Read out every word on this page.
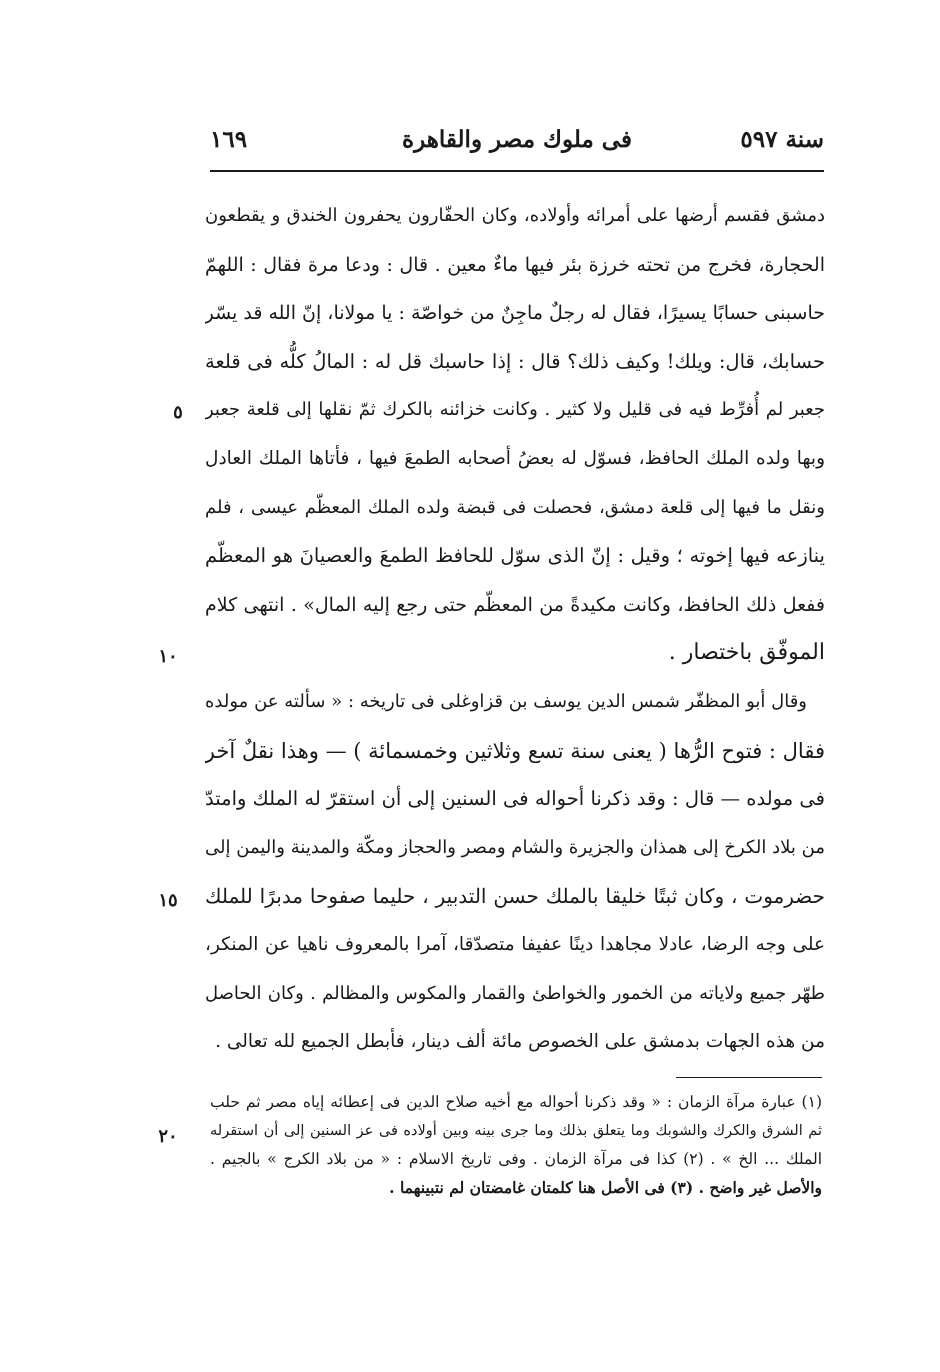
سنة ٥٩٧
فى ملوك مصر والقاهرة
١٦٩
دمشق فقسم أرضها على أمرائه وأولاده، وكان الحفّارون يحفرون الخندق و يقطعون
الحجارة، فخرج من تحته خرزة بئر فيها ماءٌ معين . قال : ودعا مرة فقال : اللهمّ
حاسبنى حسابًا يسيرًا، فقال له رجلٌ ماجِنٌ من خواصّة : يا مولانا، إنّ الله قد يسّر
حسابك، قال: ويلك! وكيف ذلك؟ قال : إذا حاسبك قل له : المالُ كلُّه فى قلعة
جعبر لم أُفرِّط فيه فى قليل ولا كثير . وكانت خزائنه بالكرك ثمّ نقلها إلى قلعة جعبر
وبها ولده الملك الحافظ، فسوّل له بعضُ أصحابه الطمعَ فيها ، فأتاها الملك العادل
ونقل ما فيها إلى قلعة دمشق، فحصلت فى قبضة ولده الملك المعظّم عيسى ، فلم
ينازعه فيها إخوته ؛ وقيل : إنّ الذى سوّل للحافظ الطمعَ والعصيانَ هو المعظّم
ففعل ذلك الحافظ، وكانت مكيدةً من المعظّم حتى رجع إليه المال» . انتهى كلام
الموفّق باختصار .
وقال أبو المظفّر شمس الدين يوسف بن قزاوغلى فى تاريخه : « سألته عن مولده
فقال : فتوح الرُّها ( يعنى سنة تسع وثلاثين وخمسمائة ) — وهذا نقلٌ آخر
فى مولده — قال : وقد ذكرنا أحواله فى السنين إلى أن استقرّ له الملك وامتدّ
من بلاد الكرخ إلى همذان والجزيرة والشام ومصر والحجاز ومكّة والمدينة واليمن إلى
حضرموت ، وكان ثبتًا خليقا بالملك حسن التدبير ، حليما صفوحا مدبرًا للملك
على وجه الرضا، عادلا مجاهدا دينًا عفيفا متصدّقا، آمرا بالمعروف ناهيا عن المنكر،
طهّر جميع ولاياته من الخمور والخواطئ والقمار والمكوس والمظالم . وكان الحاصل
من هذه الجهات بدمشق على الخصوص مائة ألف دينار، فأبطل الجميع لله تعالى .
٥
١٠
١٥
٢٠
(١) عبارة مرآة الزمان : « وقد ذكرنا أحواله مع أخيه صلاح الدين فى إعطائه إياه مصر ثم حلب
ثم الشرق والكرك والشوبك وما يتعلق بذلك وما جرى بينه وبين أولاده فى عز السنين إلى أن استقرله
الملك ... الخ » . (٢) كذا فى مرآة الزمان . وفى تاريخ الاسلام : « من بلاد الكرج » بالجيم .
والأصل غير واضح . (٣) فى الأصل هنا كلمتان غامضتان لم نتبينهما .
